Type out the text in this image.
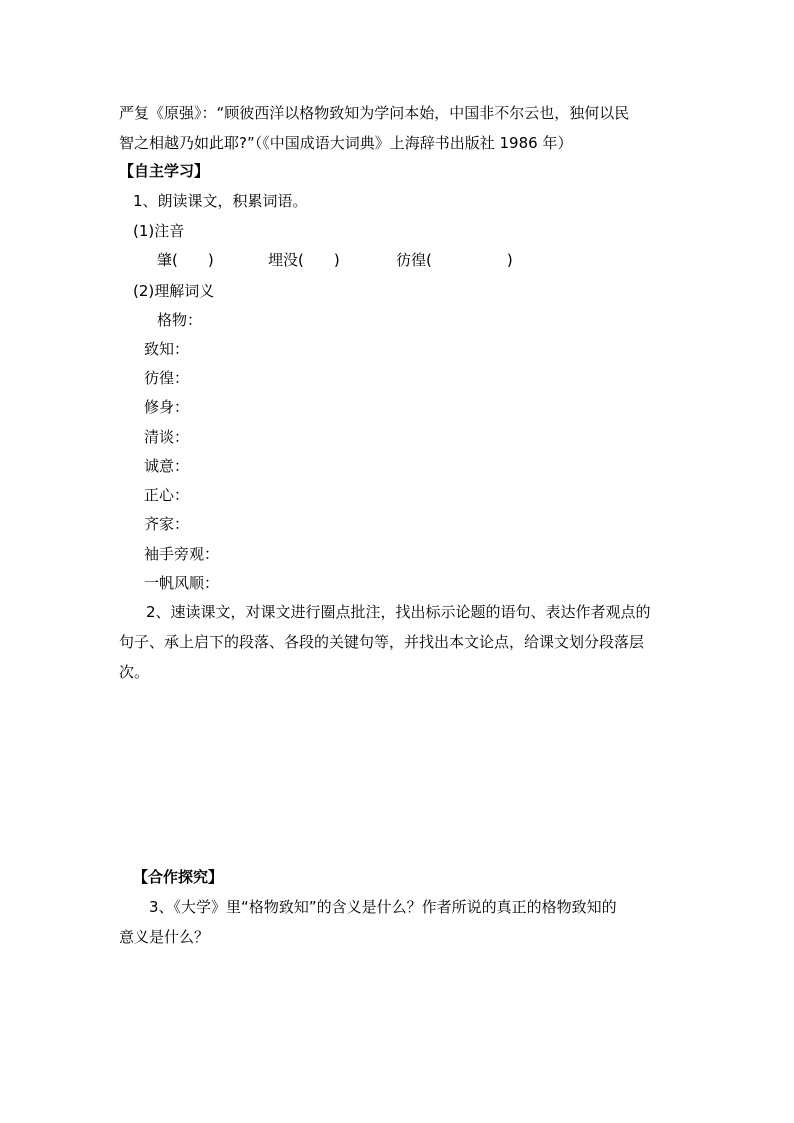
严复《原强》：“顾彼西洋以格物致知为学问本始，中国非不尔云也，独何以民
智之相越乃如此耶?”（《中国成语大词典》上海辞书出版社 1986 年）
【自主学习】
1、朗读课文，积累词语。
(1)注音
肇(　　)	埋没(　　)	彷徨(　　　　　)
(2)理解词义
格物：
致知：
彷徨：
修身：
清谈：
诚意：
正心：
齐家：
袖手旁观：
一帆风顺：
2、速读课文，对课文进行圈点批注，找出标示论题的语句、表达作者观点的
句子、承上启下的段落、各段的关键句等，并找出本文论点，给课文划分段落层
次。
【合作探究】
3、《大学》里“格物致知”的含义是什么？作者所说的真正的格物致知的
意义是什么？
